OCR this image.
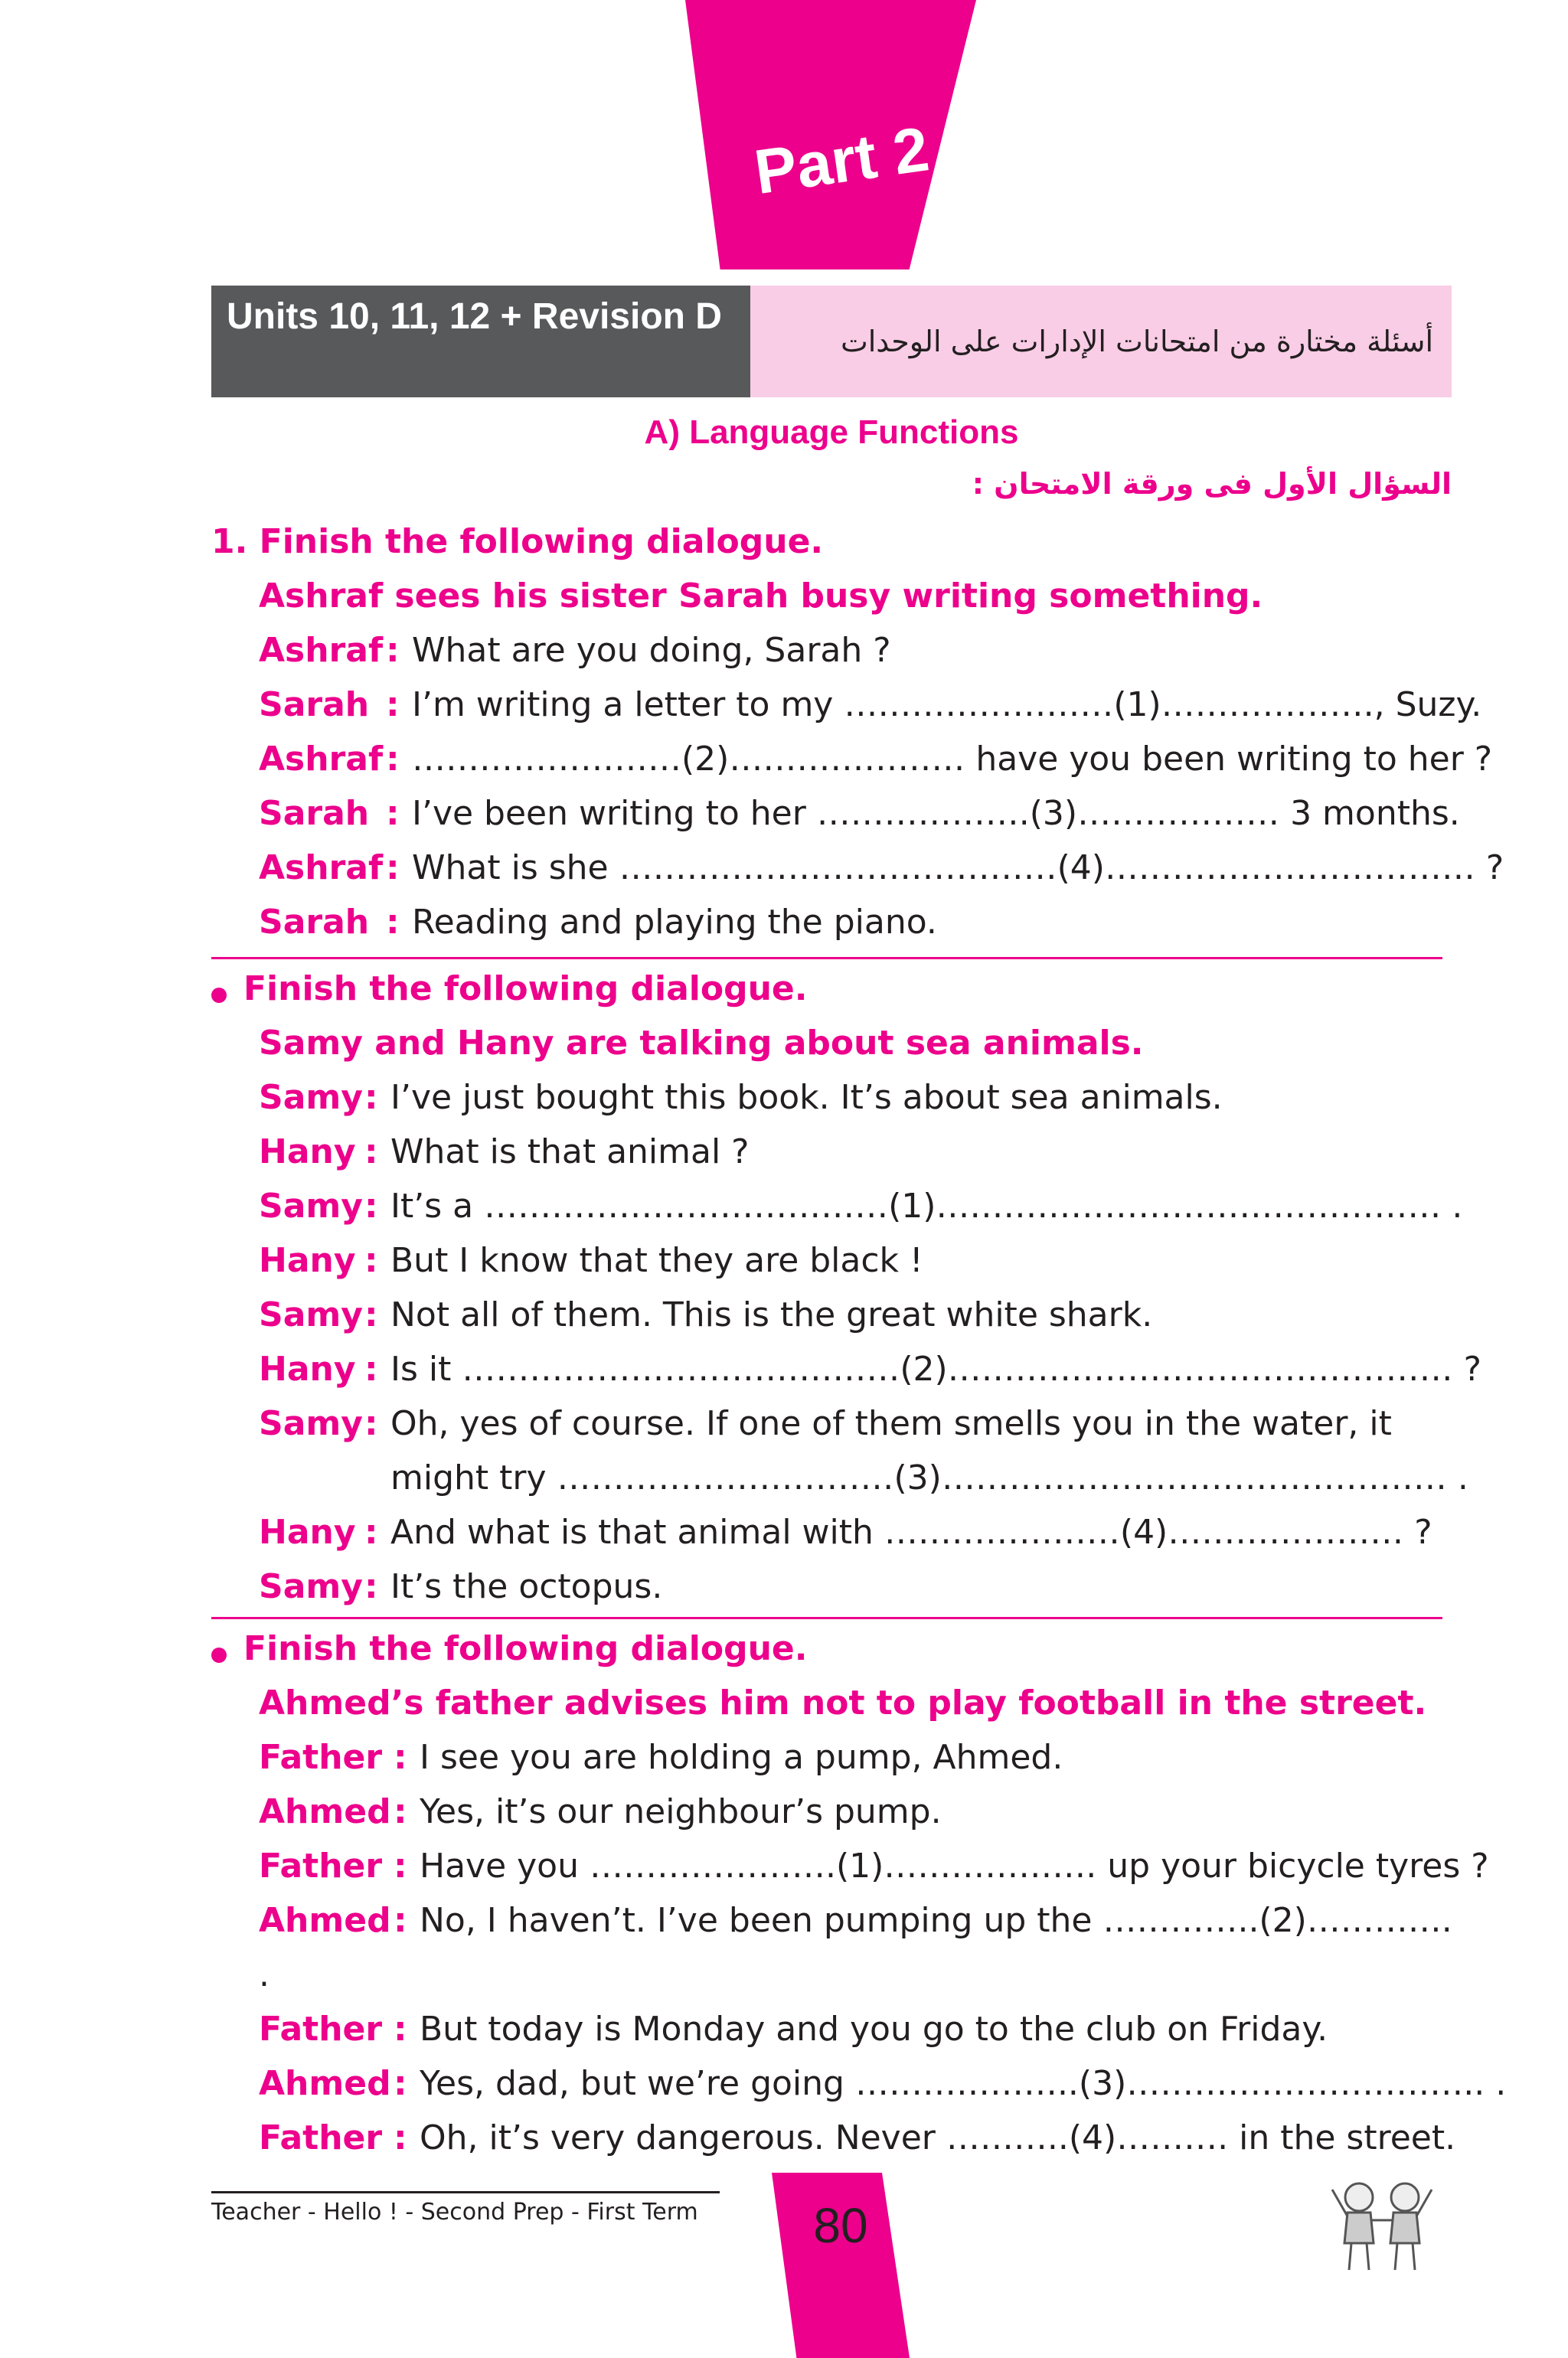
Part 2
Units 10, 11, 12 + Revision D
أسئلة مختارة من امتحانات الإدارات على الوحدات
A) Language Functions
السؤال الأول فى ورقة الامتحان :
1. Finish the following dialogue.
Ashraf sees his sister Sarah busy writing something.
Ashraf : What are you doing, Sarah ?
Sarah : I’m writing a letter to my ……………………(1)………………., Suzy.
Ashraf : ……………………(2)………………… have you been writing to her ?
Sarah : I’ve been writing to her ……………….(3)……………… 3 months.
Ashraf : What is she …………………………………(4)…………………………… ?
Sarah : Reading and playing the piano.
Finish the following dialogue.
Samy and Hany are talking about sea animals.
Samy : I’ve just bought this book. It’s about sea animals.
Hany : What is that animal ?
Samy : It’s a ………………………………(1)……………………………………… .
Hany : But I know that they are black !
Samy : Not all of them. This is the great white shark.
Hany : Is it …………………………………(2)……………………………………… ?
Samy : Oh, yes of course. If one of them smells you in the water, it
might try …………………………(3)……………………………………… .
Hany : And what is that animal with …………………(4)………………… ?
Samy : It’s the octopus.
Finish the following dialogue.
Ahmed’s father advises him not to play football in the street.
Father : I see you are holding a pump, Ahmed.
Ahmed : Yes, it’s our neighbour’s pump.
Father : Have you ………………….(1)………………. up your bicycle tyres ?
Ahmed : No, I haven’t. I’ve been pumping up the …………..(2)………….
.
Father : But today is Monday and you go to the club on Friday.
Ahmed : Yes, dad, but we’re going ………………..(3)………………………….. .
Father : Oh, it’s very dangerous. Never ………..(4)………. in the street.
Teacher - Hello ! - Second Prep - First Term 80
